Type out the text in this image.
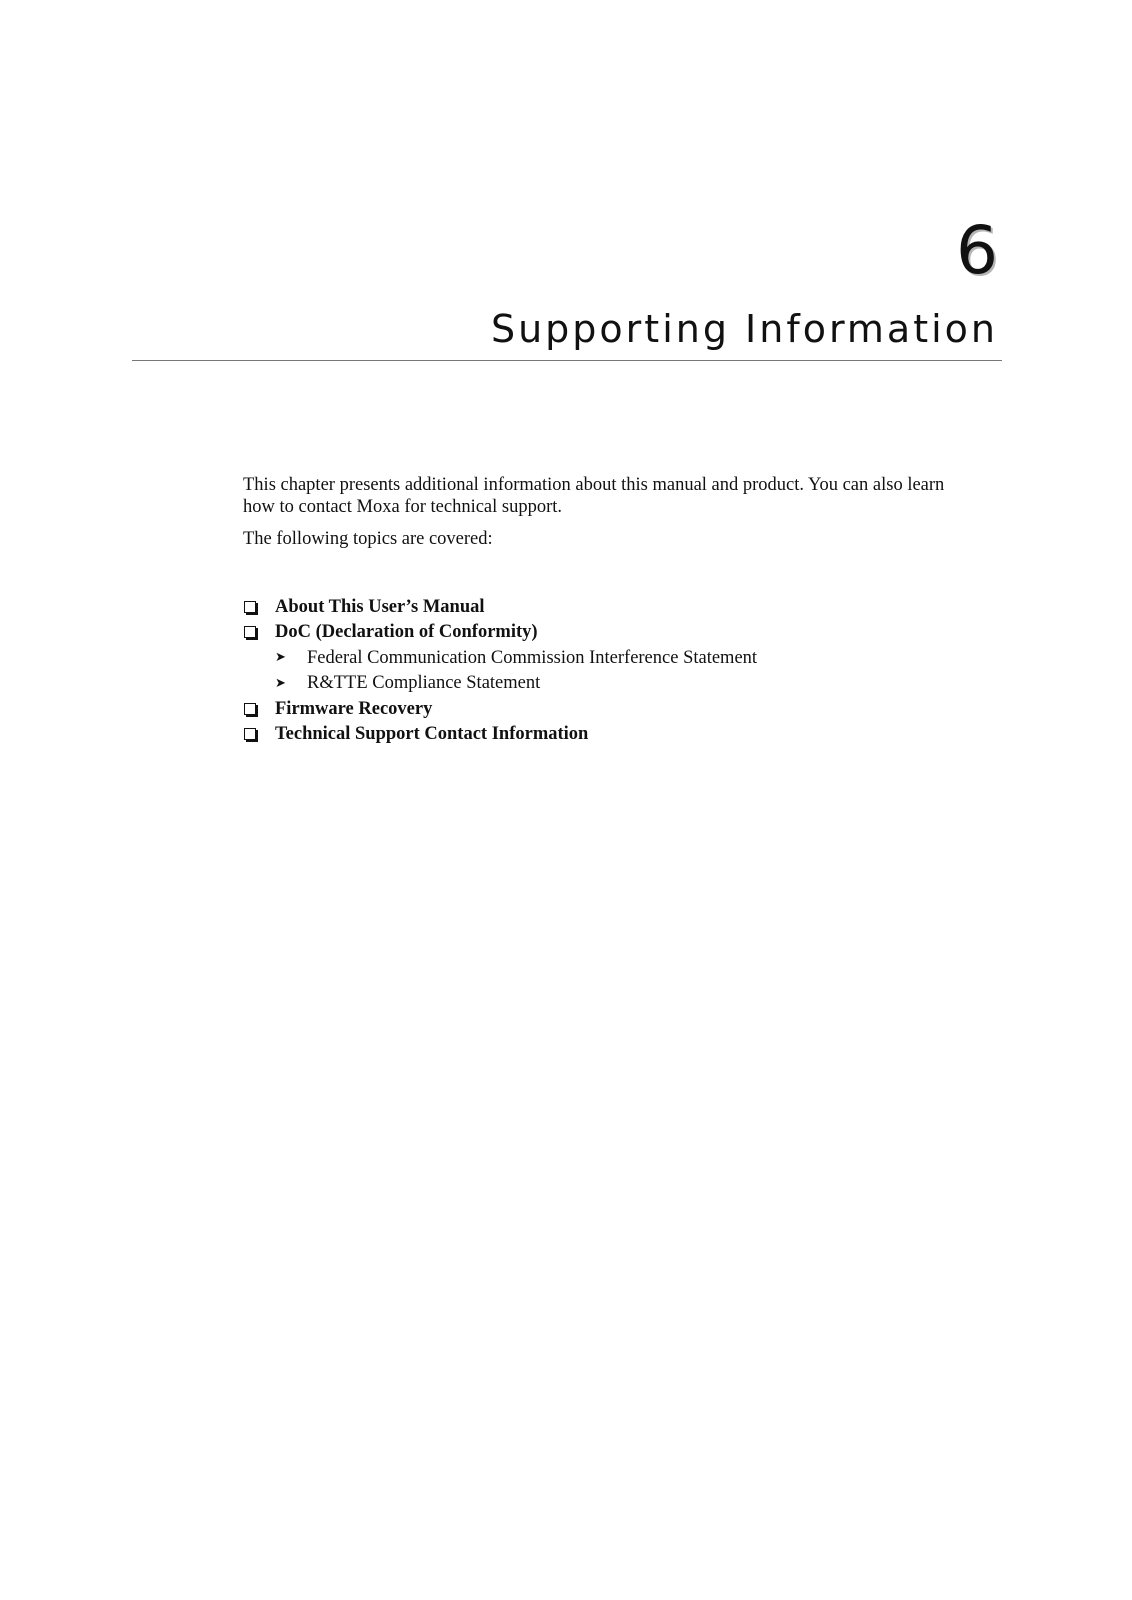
6
Supporting Information

This chapter presents additional information about this manual and product. You can also learn how to contact Moxa for technical support.

The following topics are covered:

About This User’s Manual
DoC (Declaration of Conformity)
➤ Federal Communication Commission Interference Statement
➤ R&TTE Compliance Statement
Firmware Recovery
Technical Support Contact Information
